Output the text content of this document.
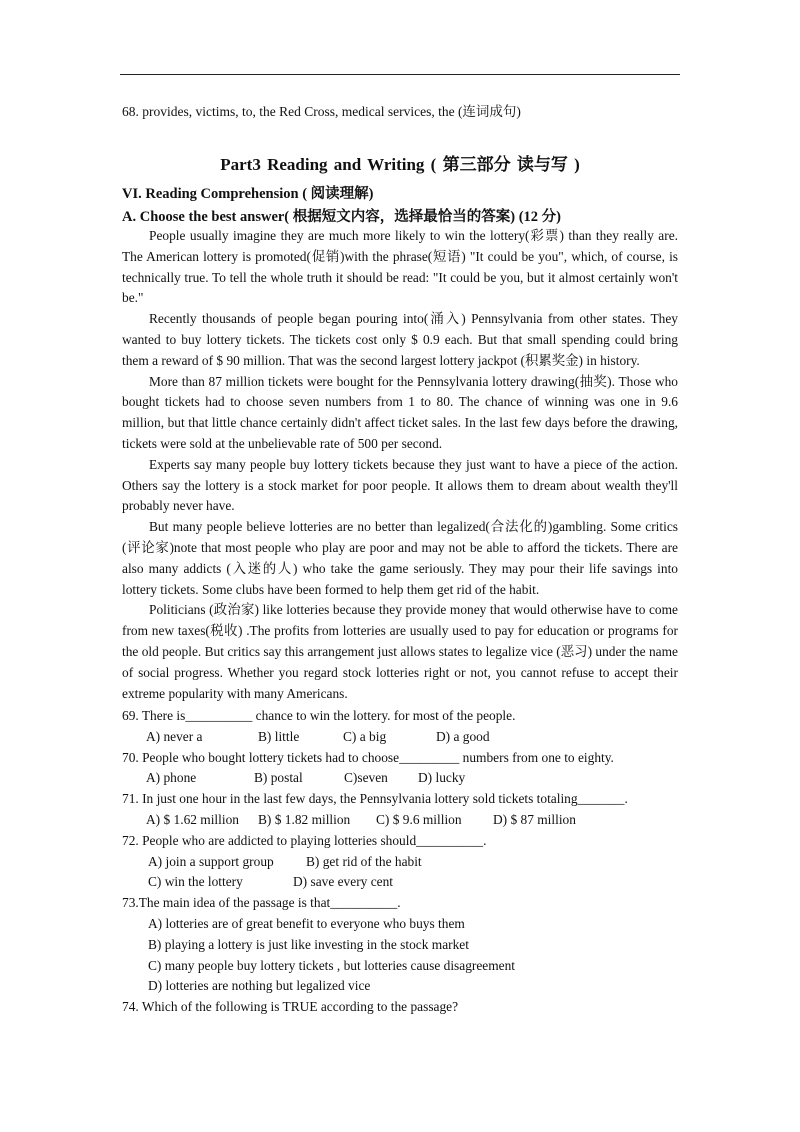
68. provides, victims, to, the Red Cross, medical services, the (连词成句)
Part3 Reading and Writing ( 第三部分 读与写 )
VI. Reading Comprehension ( 阅读理解)
A. Choose the best answer( 根据短文内容，选择最恰当的答案) (12 分)

People usually imagine they are much more likely to win the lottery(彩票) than they really are. The American lottery is promoted(促销)with the phrase(短语) "It could be you", which, of course, is technically true. To tell the whole truth it should be read: "It could be you, but it almost certainly won't be."

Recently thousands of people began pouring into(涌入) Pennsylvania from other states. They wanted to buy lottery tickets. The tickets cost only $ 0.9 each. But that small spending could bring them a reward of $ 90 million. That was the second largest lottery jackpot (积累奖金) in history.

More than 87 million tickets were bought for the Pennsylvania lottery drawing(抽奖). Those who bought tickets had to choose seven numbers from 1 to 80. The chance of winning was one in 9.6 million, but that little chance certainly didn't affect ticket sales. In the last few days before the drawing, tickets were sold at the unbelievable rate of 500 per second.

Experts say many people buy lottery tickets because they just want to have a piece of the action. Others say the lottery is a stock market for poor people. It allows them to dream about wealth they'll probably never have.

But many people believe lotteries are no better than legalized(合法化的)gambling. Some critics (评论家)note that most people who play are poor and may not be able to afford the tickets. There are also many addicts (入迷的人) who take the game seriously. They may pour their life savings into lottery tickets. Some clubs have been formed to help them get rid of the habit.

Politicians (政治家) like lotteries because they provide money that would otherwise have to come from new taxes(税收) .The profits from lotteries are usually used to pay for education or programs for the old people. But critics say this arrangement just allows states to legalize vice (恶习) under the name of social progress. Whether you regard stock lotteries right or not, you cannot refuse to accept their extreme popularity with many Americans.

69. There is__________ chance to win the lottery. for most of the people.

A) never a	B) little	C) a big	D) a good

70. People who bought lottery tickets had to choose_________ numbers from one to eighty.

A) phone	B) postal	C)seven D) lucky

71. In just one hour in the last few days, the Pennsylvania lottery sold tickets totaling_______.

A) $ 1.62 million B) $ 1.82 million C) $ 9.6 million D) $ 87 million

72. People who are addicted to playing lotteries should__________.

A) join a support group B) get rid of the habit

C) win the lottery	D) save every cent

73.The main idea of the passage is that__________.

A) lotteries are of great benefit to everyone who buys them

B) playing a lottery is just like investing in the stock market

C) many people buy lottery tickets , but lotteries cause disagreement

D) lotteries are nothing but legalized vice

74. Which of the following is TRUE according to the passage?
